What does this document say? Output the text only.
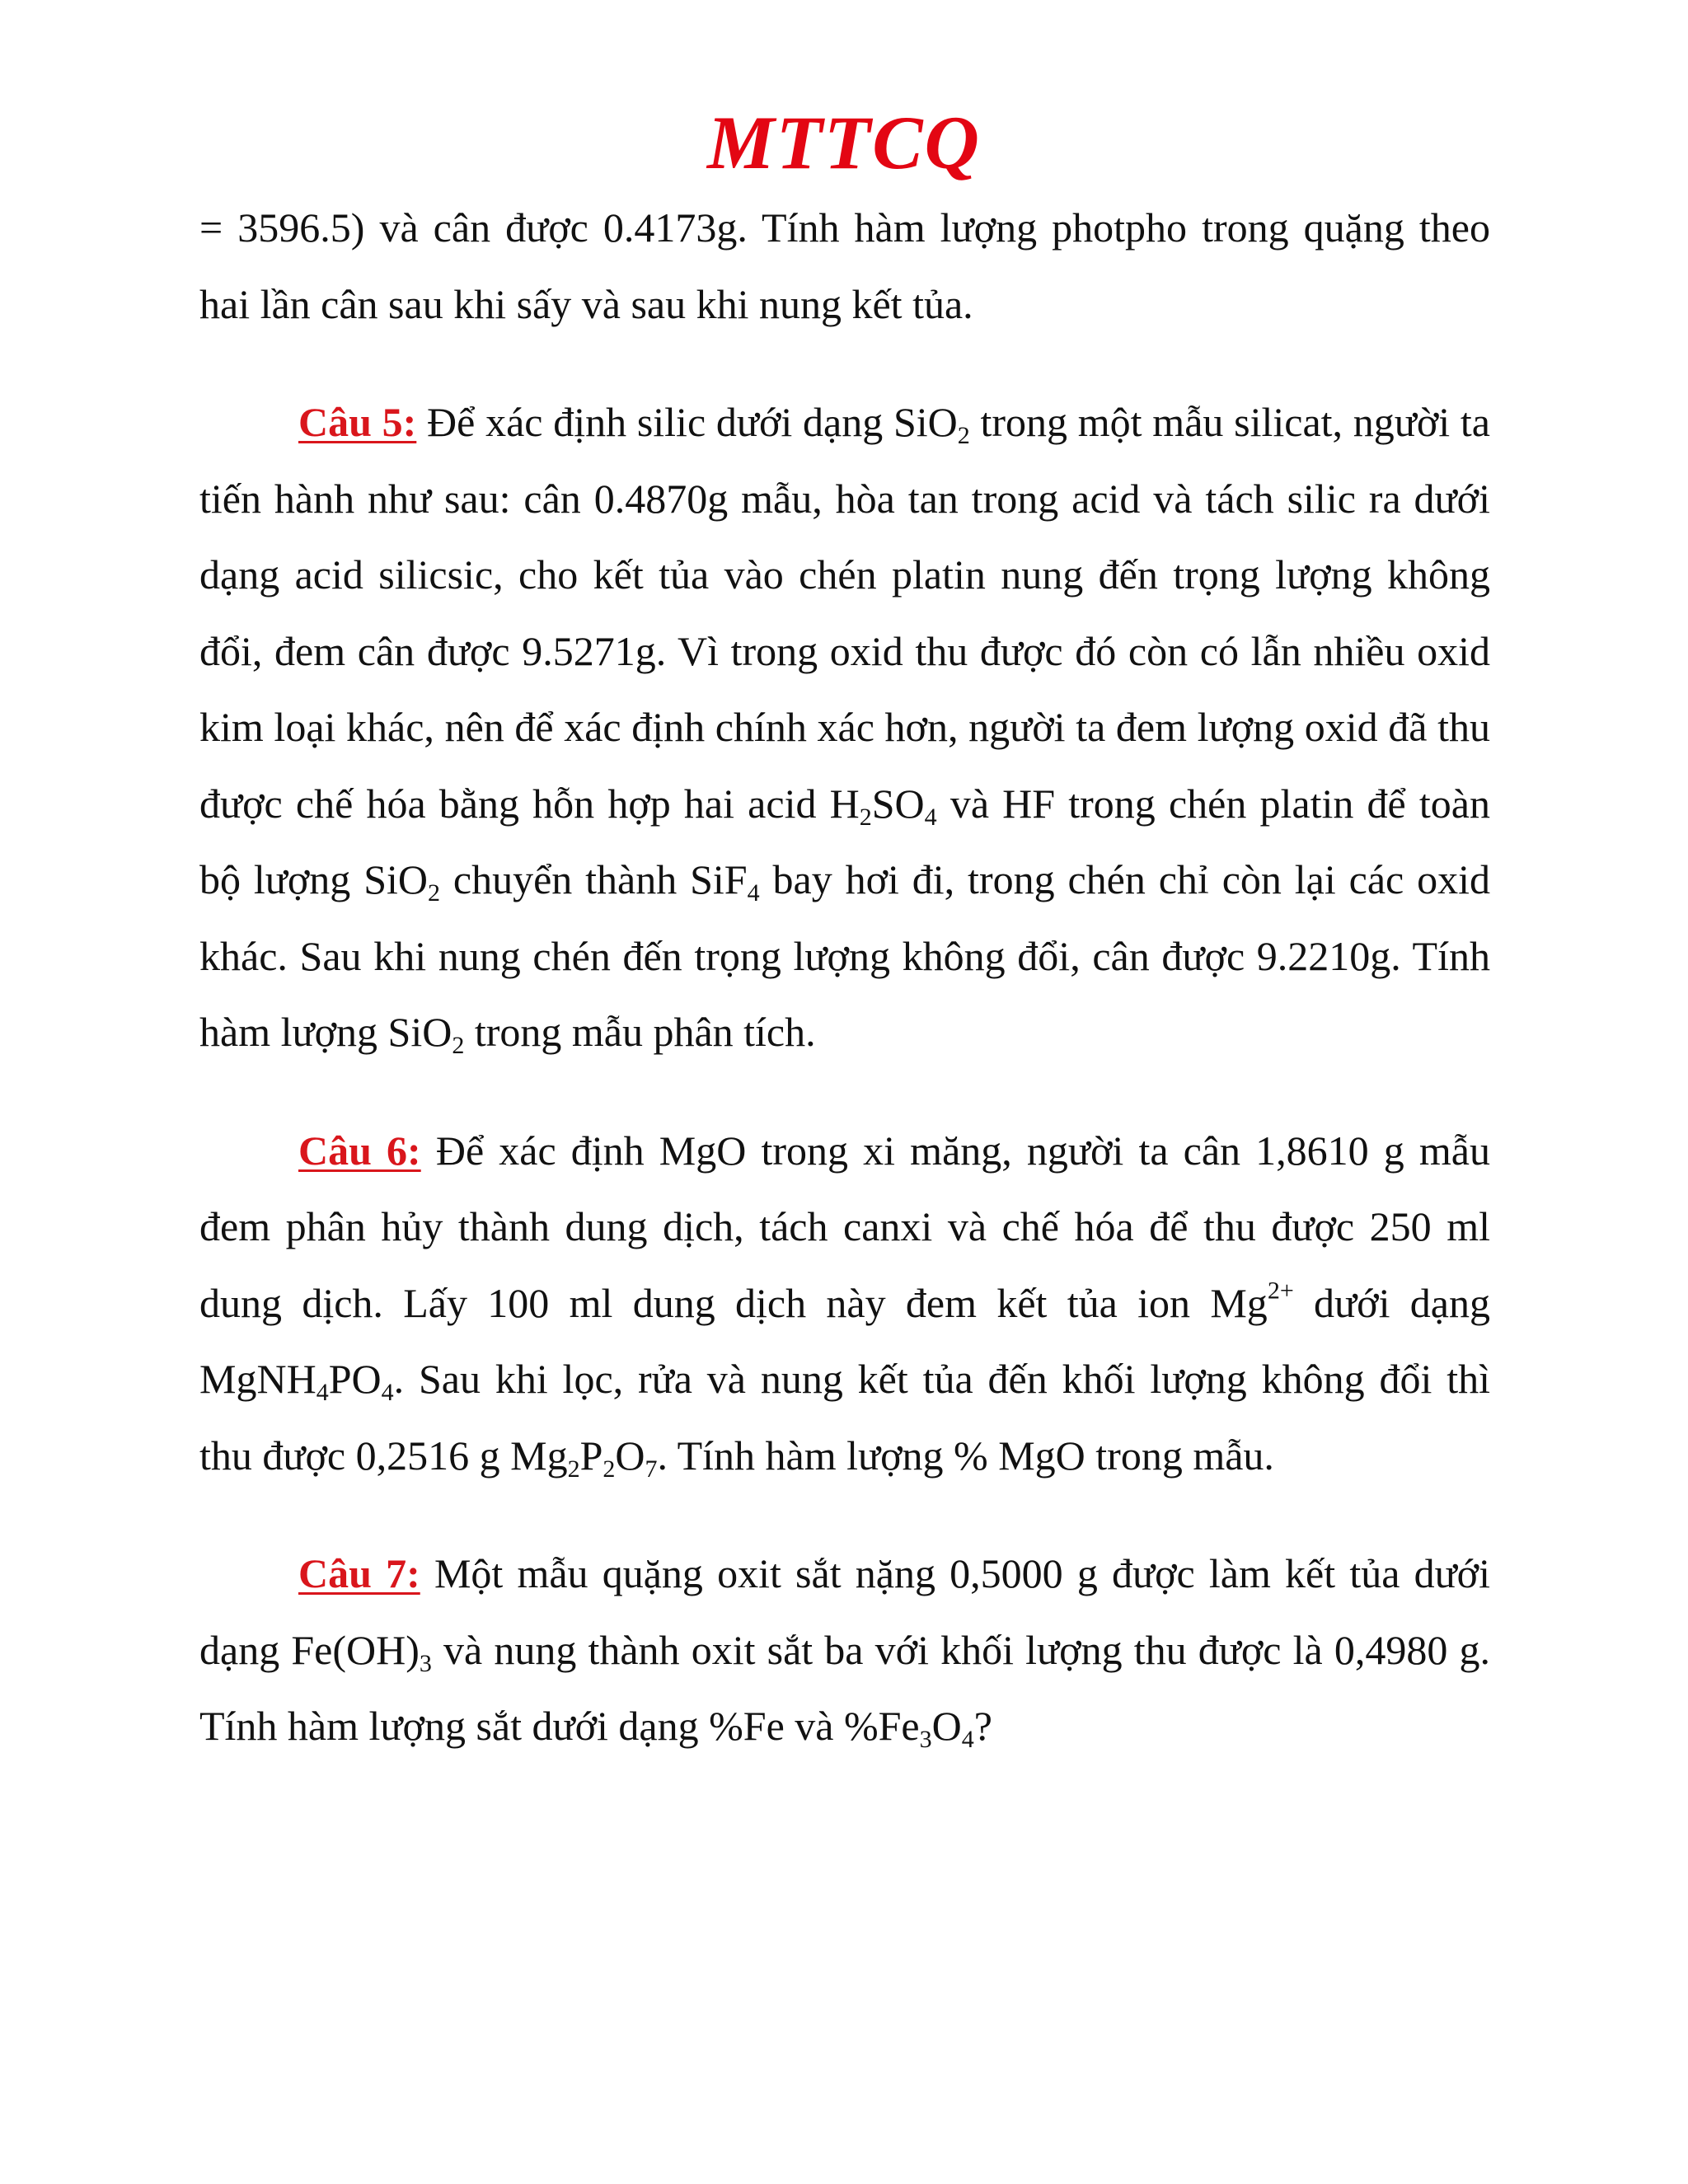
MTTCQ

= 3596.5) và cân được 0.4173g. Tính hàm lượng photpho trong quặng theo hai lần cân sau khi sấy và sau khi nung kết tủa.

Câu 5: Để xác định silic dưới dạng SiO$_2$ trong một mẫu silicat, người ta tiến hành như sau: cân 0.4870g mẫu, hòa tan trong acid và tách silic ra dưới dạng acid silicsic, cho kết tủa vào chén platin nung đến trọng lượng không đổi, đem cân được 9.5271g. Vì trong oxid thu được đó còn có lẫn nhiều oxid kim loại khác, nên để xác định chính xác hơn, người ta đem lượng oxid đã thu được chế hóa bằng hỗn hợp hai acid $H_2SO_4$ và HF trong chén platin để toàn bộ lượng SiO$_2$ chuyển thành SiF$_4$ bay hơi đi, trong chén chỉ còn lại các oxid khác. Sau khi nung chén đến trọng lượng không đổi, cân được 9.2210g. Tính hàm lượng SiO$_2$ trong mẫu phân tích.

Câu 6: Để xác định MgO trong xi măng, người ta cân 1,8610 g mẫu đem phân hủy thành dung dịch, tách canxi và chế hóa để thu được 250 ml dung dịch. Lấy 100 ml dung dịch này đem kết tủa ion $Mg^{2+}$ dưới dạng $MgNH_4PO_4$. Sau khi lọc, rửa và nung kết tủa đến khối lượng không đổi thì thu được 0,2516 g $Mg_2P_2O_7$. Tính hàm lượng % MgO trong mẫu.

Câu 7: Một mẫu quặng oxit sắt nặng 0,5000 g được làm kết tủa dưới dạng $Fe(OH)_3$ và nung thành oxit sắt ba với khối lượng thu được là 0,4980 g. Tính hàm lượng sắt dưới dạng %Fe và $\%Fe_3O_4$?
